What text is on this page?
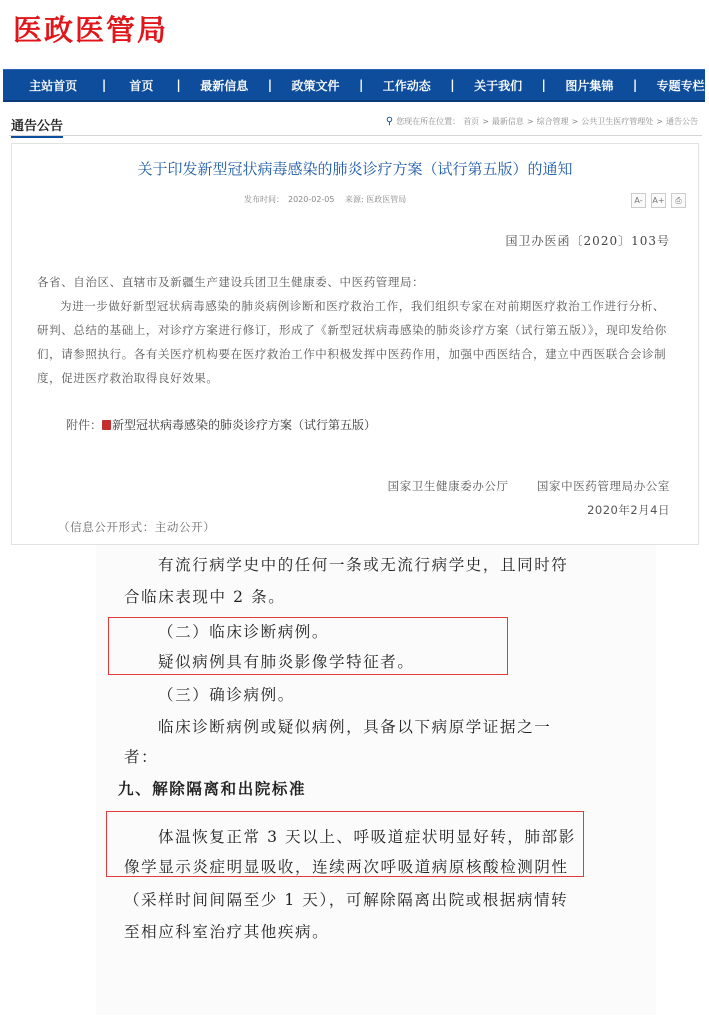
医政医管局
主站首页 | 首页 | 最新信息 | 政策文件 | 工作动态 | 关于我们 | 图片集锦 | 专题专栏
通告公告	⚲ 您现在所在位置： 首页 > 最新信息 > 综合管理 > 公共卫生医疗管理处 > 通告公告
关于印发新型冠状病毒感染的肺炎诊疗方案（试行第五版）的通知
发布时间：　2020-02-05 来源: 医政医管局	A-	A+	⎙
国卫办医函〔2020〕103号

各省、自治区、直辖市及新疆生产建设兵团卫生健康委、中医药管理局：

为进一步做好新型冠状病毒感染的肺炎病例诊断和医疗救治工作，我们组织专家在对前期医疗救治工作进行分析、研判、总结的基础上，对诊疗方案进行修订，形成了《新型冠状病毒感染的肺炎诊疗方案（试行第五版）》，现印发给你们，请参照执行。各有关医疗机构要在医疗救治工作中积极发挥中医药作用，加强中西医结合，建立中西医联合会诊制度，促进医疗救治取得良好效果。

附件： 新型冠状病毒感染的肺炎诊疗方案（试行第五版）
国家卫生健康委办公厅 国家中医药管理局办公室
2020年2月4日
（信息公开形式：主动公开）
有流行病学史中的任何一条或无流行病学史，且同时符
合临床表现中 2 条。
（二）临床诊断病例。
疑似病例具有肺炎影像学特征者。
（三）确诊病例。
临床诊断病例或疑似病例，具备以下病原学证据之一
者：
九、解除隔离和出院标准
体温恢复正常 3 天以上、呼吸道症状明显好转，肺部影
像学显示炎症明显吸收，连续两次呼吸道病原核酸检测阴性
（采样时间间隔至少 1 天），可解除隔离出院或根据病情转
至相应科室治疗其他疾病。
